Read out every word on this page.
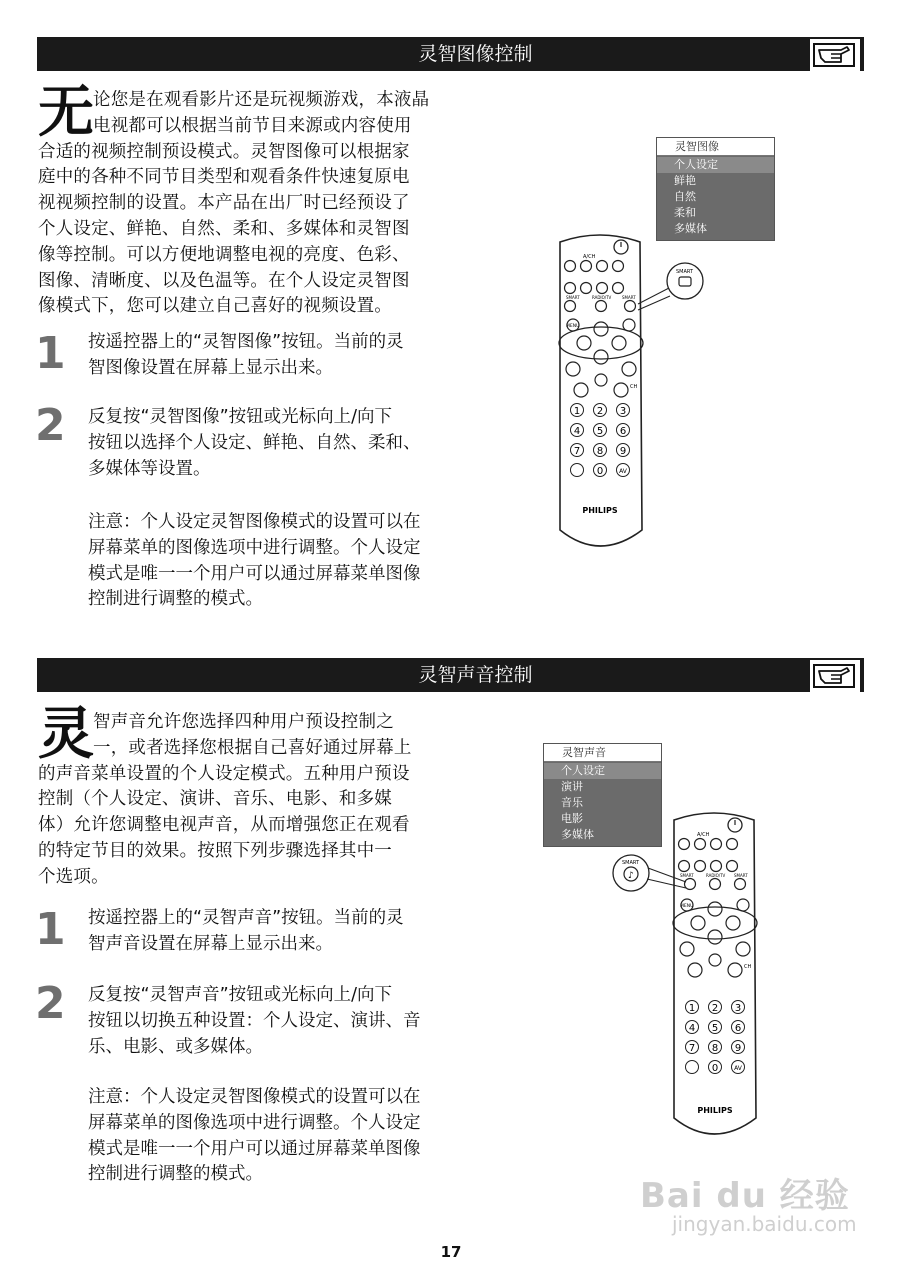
灵智图像控制
无 论您是在观看影片还是玩视频游戏，本液晶
电视都可以根据当前节目来源或内容使用
合适的视频控制预设模式。灵智图像可以根据家
庭中的各种不同节目类型和观看条件快速复原电
视视频控制的设置。本产品在出厂时已经预设了
个人设定、鲜艳、自然、柔和、多媒体和灵智图
像等控制。可以方便地调整电视的亮度、色彩、
图像、清晰度、以及色温等。在个人设定灵智图
像模式下，您可以建立自己喜好的视频设置。
1 按遥控器上的“灵智图像”按钮。当前的灵
智图像设置在屏幕上显示出来。
2 反复按“灵智图像”按钮或光标向上/向下
按钮以选择个人设定、鲜艳、自然、柔和、
多媒体等设置。
注意：个人设定灵智图像模式的设置可以在
屏幕菜单的图像选项中进行调整。个人设定
模式是唯一一个用户可以通过屏幕菜单图像
控制进行调整的模式。
灵智图像
个人设定
鲜艳
自然
柔和
多媒体
A/CH
SMART	RADIO/TV	SMART
SMART
MENU
CH
1 2 3
4 5 6
7 8 9
0	AV
PHILIPS
灵智声音控制
灵 智声音允许您选择四种用户预设控制之
一，或者选择您根据自己喜好通过屏幕上
的声音菜单设置的个人设定模式。五种用户预设
控制（个人设定、演讲、音乐、电影、和多媒
体）允许您调整电视声音，从而增强您正在观看
的特定节目的效果。按照下列步骤选择其中一
个选项。
1 按遥控器上的“灵智声音”按钮。当前的灵
智声音设置在屏幕上显示出来。
2 反复按“灵智声音”按钮或光标向上/向下
按钮以切换五种设置：个人设定、演讲、音
乐、电影、或多媒体。
注意：个人设定灵智图像模式的设置可以在
屏幕菜单的图像选项中进行调整。个人设定
模式是唯一一个用户可以通过屏幕菜单图像
控制进行调整的模式。
灵智声音
个人设定
演讲
音乐
电影
多媒体	A/CH
SMART	RADIO/TV SMART
SMART
♪
MENU
CH
1 2 3
4 5 6
7 8 9
0	AV
PHILIPS
17
Bai du 经验
jingyan.baidu.com
